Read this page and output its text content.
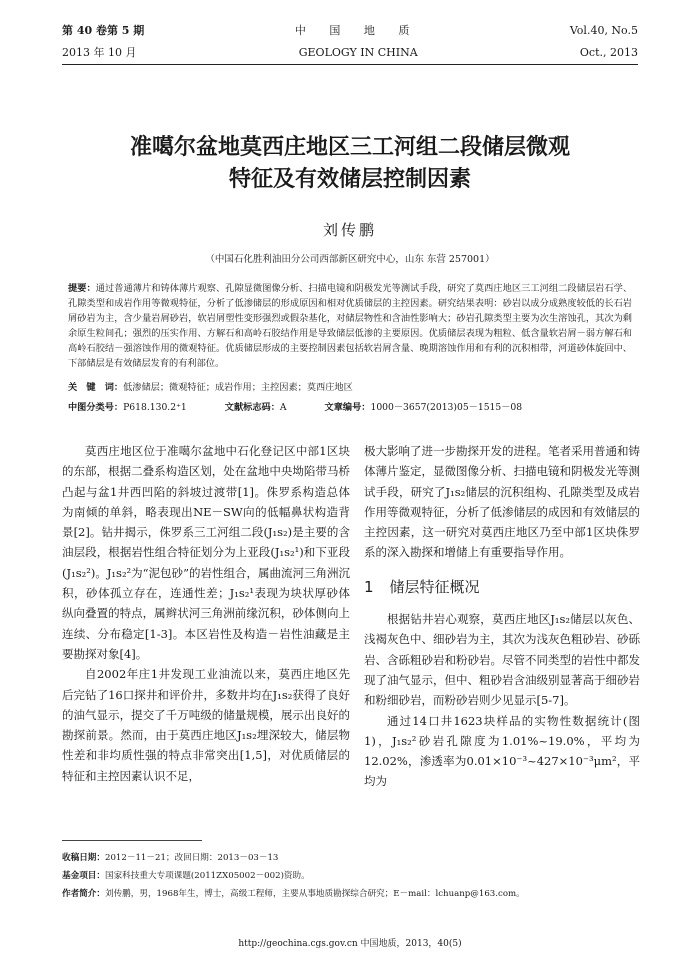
第 40 卷第 5 期	中 国 地 质	Vol.40, No.5
2013 年 10 月	GEOLOGY IN CHINA	Oct., 2013
准噶尔盆地莫西庄地区三工河组二段储层微观
特征及有效储层控制因素
刘传鹏
（中国石化胜利油田分公司西部新区研究中心，山东 东营 257001）
提要：通过普通薄片和铸体薄片观察、孔隙显微图像分析、扫描电镜和阴极发光等测试手段，研究了莫西庄地区三工河组二段储层岩石学、孔隙类型和成岩作用等微观特征，分析了低渗储层的形成原因和相对优质储层的主控因素。研究结果表明：砂岩以成分成熟度较低的长石岩屑砂岩为主，含少量岩屑砂岩，软岩屑塑性变形强烈或假杂基化，对储层物性和含油性影响大；砂岩孔隙类型主要为次生溶蚀孔，其次为剩余原生粒间孔；强烈的压实作用、方解石和高岭石胶结作用是导致储层低渗的主要原因。优质储层表现为粗粒、低含量软岩屑－弱方解石和高岭石胶结－强溶蚀作用的微观特征。优质储层形成的主要控制因素包括软岩屑含量、晚期溶蚀作用和有利的沉积相带，河道砂体旋回中、下部储层是有效储层发育的有利部位。
关　键　词：低渗储层；微观特征；成岩作用；主控因素；莫西庄地区
中图分类号：P618.130.2⁺1	文献标志码：A	文章编号：1000－3657(2013)05－1515－08

莫西庄地区位于准噶尔盆地中石化登记区中部1区块的东部，根据二叠系构造区划，处在盆地中央坳陷带马桥凸起与盆1井西凹陷的斜坡过渡带[1]。侏罗系构造总体为南倾的单斜，略表现出NE－SW向的低幅鼻状构造背景[2]。钻井揭示，侏罗系三工河组二段(J₁s₂)是主要的含油层段，根据岩性组合特征划分为上亚段(J₁s₂¹)和下亚段(J₁s₂²)。J₁s₂²为“泥包砂”的岩性组合，属曲流河三角洲沉积，砂体孤立存在，连通性差；J₁s₂¹表现为块状厚砂体纵向叠置的特点，属辫状河三角洲前缘沉积，砂体侧向上连续、分布稳定[1-3]。本区岩性及构造－岩性油藏是主要勘探对象[4]。

自2002年庄1井发现工业油流以来，莫西庄地区先后完钻了16口探井和评价井，多数井均在J₁s₂获得了良好的油气显示，提交了千万吨级的储量规模，展示出良好的勘探前景。然而，由于莫西庄地区J₁s₂埋深较大，储层物性差和非均质性强的特点非常突出[1,5]，对优质储层的特征和主控因素认识不足，

极大影响了进一步勘探开发的进程。笔者采用普通和铸体薄片鉴定，显微图像分析、扫描电镜和阴极发光等测试手段，研究了J₁s₂储层的沉积组构、孔隙类型及成岩作用等微观特征，分析了低渗储层的成因和有效储层的主控因素，这一研究对莫西庄地区乃至中部1区块侏罗系的深入勘探和增储上有重要指导作用。

1 储层特征概况

根据钻井岩心观察，莫西庄地区J₁s₂储层以灰色、浅褐灰色中、细砂岩为主，其次为浅灰色粗砂岩、砂砾岩、含砾粗砂岩和粉砂岩。尽管不同类型的岩性中都发现了油气显示，但中、粗砂岩含油级别显著高于细砂岩和粉细砂岩，而粉砂岩则少见显示[5-7]。

通过14口井1623块样品的实物性数据统计(图1)，J₁s₂²砂岩孔隙度为1.01%~19.0%，平均为12.02%，渗透率为0.01×10⁻³~427×10⁻³μm²，平均为

收稿日期：2012－11－21；改回日期：2013－03－13
基金项目：国家科技重大专项课题(2011ZX05002－002)资助。
作者简介：刘传鹏，男，1968年生，博士，高级工程师，主要从事地质勘探综合研究；E－mail：lchuanp@163.com。
http://geochina.cgs.gov.cn 中国地质，2013，40(5)
